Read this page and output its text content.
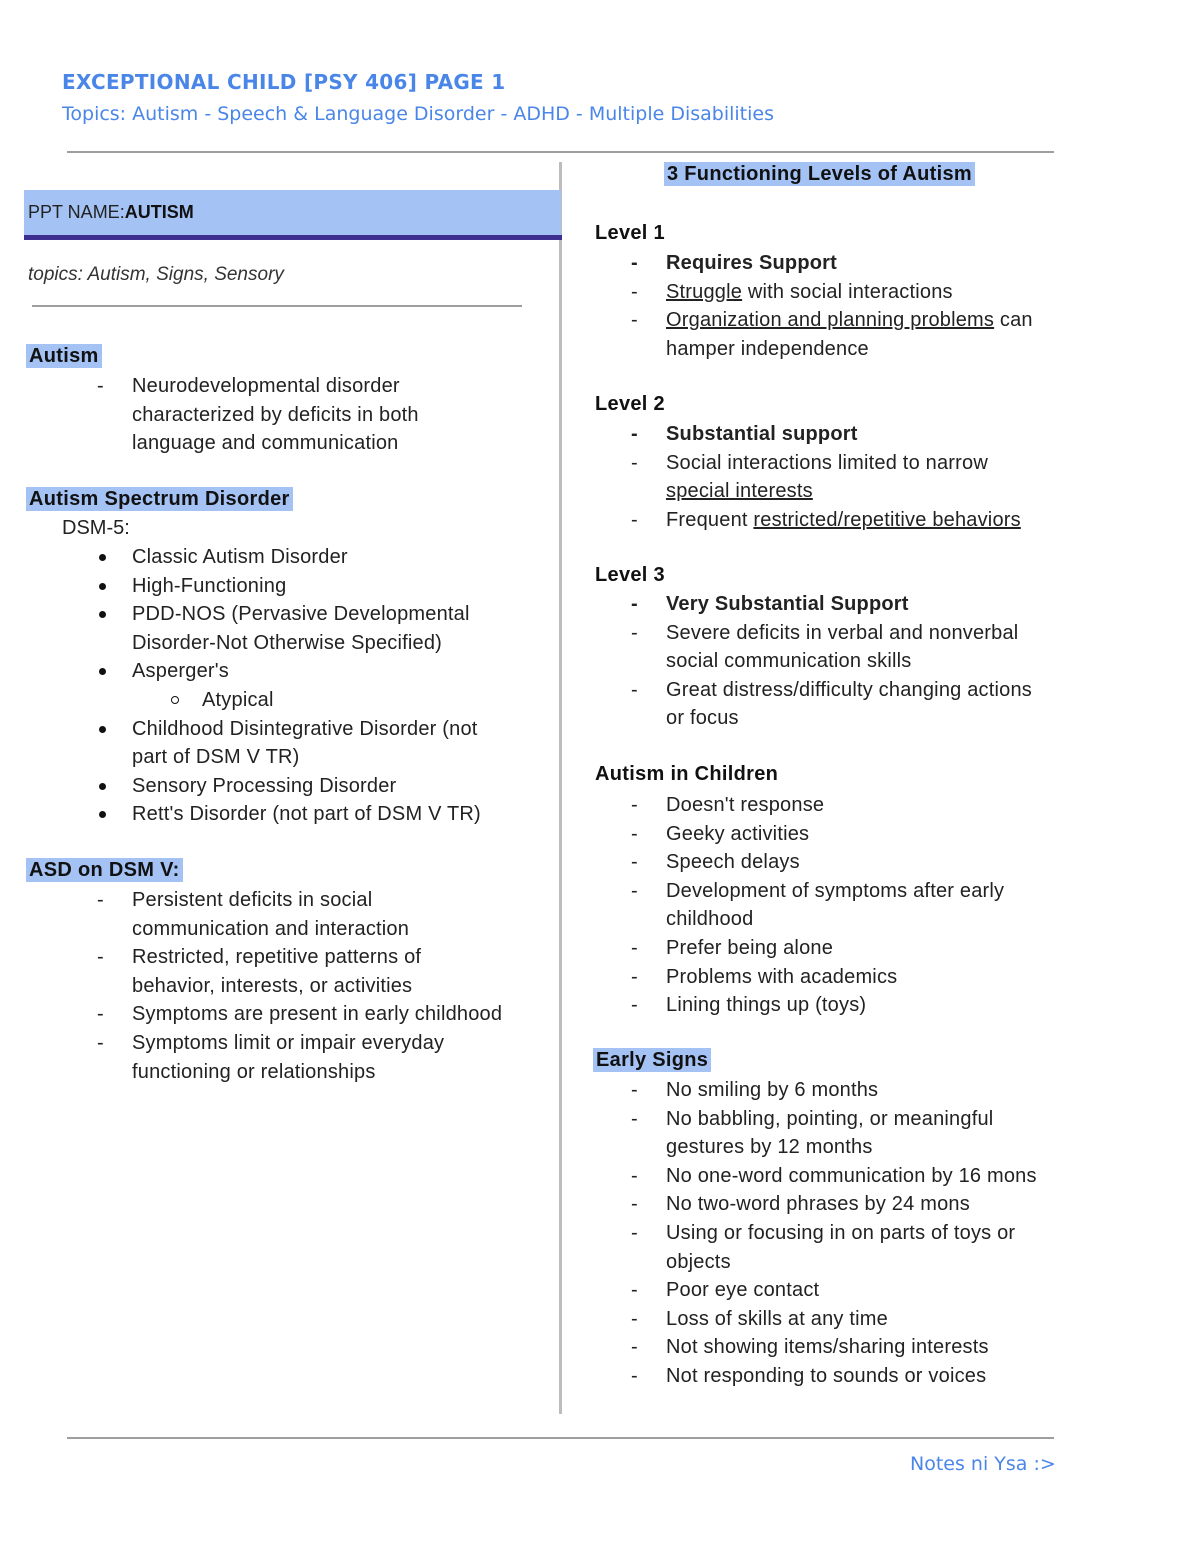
EXCEPTIONAL CHILD [PSY 406] PAGE 1
Topics: Autism - Speech & Language Disorder - ADHD - Multiple Disabilities
PPT NAME:AUTISM
topics: Autism, Signs, Sensory
Autism
- Neurodevelopmental disorder
characterized by deficits in both
language and communication
Autism Spectrum Disorder
DSM-5:
Classic Autism Disorder
High-Functioning
PDD-NOS (Pervasive Developmental
Disorder-Not Otherwise Specified)
Asperger's
Atypical
Childhood Disintegrative Disorder (not
part of DSM V TR)
Sensory Processing Disorder
Rett's Disorder (not part of DSM V TR)
ASD on DSM V:
- Persistent deficits in social
communication and interaction
- Restricted, repetitive patterns of
behavior, interests, or activities
- Symptoms are present in early childhood
- Symptoms limit or impair everyday
functioning or relationships
3 Functioning Levels of Autism
Level 1
- Requires Support
- Struggle with social interactions
- Organization and planning problems can
hamper independence
Level 2
- Substantial support
- Social interactions limited to narrow
special interests
- Frequent restricted/repetitive behaviors
Level 3
- Very Substantial Support
- Severe deficits in verbal and nonverbal
social communication skills
- Great distress/difficulty changing actions
or focus
Autism in Children
- Doesn't response
- Geeky activities
- Speech delays
- Development of symptoms after early
childhood
- Prefer being alone
- Problems with academics
- Lining things up (toys)
Early Signs
- No smiling by 6 months
- No babbling, pointing, or meaningful
gestures by 12 months
- No one-word communication by 16 mons
- No two-word phrases by 24 mons
- Using or focusing in on parts of toys or
objects
- Poor eye contact
- Loss of skills at any time
- Not showing items/sharing interests
- Not responding to sounds or voices
Notes ni Ysa :>
